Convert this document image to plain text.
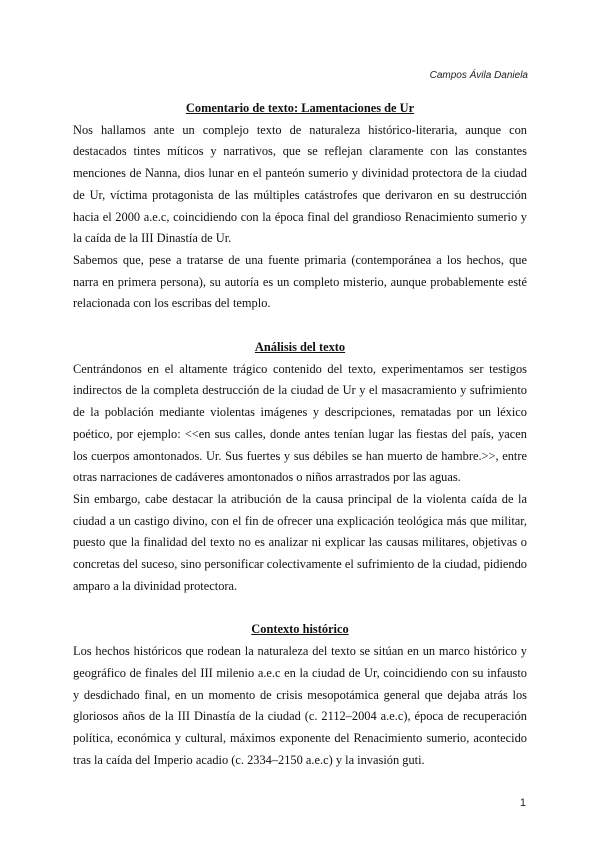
Campos Ávila Daniela
Comentario de texto: Lamentaciones de Ur

Nos hallamos ante un complejo texto de naturaleza histórico-literaria, aunque con destacados tintes míticos y narrativos, que se reflejan claramente con las constantes menciones de Nanna, dios lunar en el panteón sumerio y divinidad protectora de la ciudad de Ur, víctima protagonista de las múltiples catástrofes que derivaron en su destrucción hacia el 2000 a.e.c, coincidiendo con la época final del grandioso Renacimiento sumerio y la caída de la III Dinastía de Ur.

Sabemos que, pese a tratarse de una fuente primaria (contemporánea a los hechos, que narra en primera persona), su autoría es un completo misterio, aunque probablemente esté relacionada con los escribas del templo.

Análisis del texto

Centrándonos en el altamente trágico contenido del texto, experimentamos ser testigos indirectos de la completa destrucción de la ciudad de Ur y el masacramiento y sufrimiento de la población mediante violentas imágenes y descripciones, rematadas por un léxico poético, por ejemplo: <<en sus calles, donde antes tenían lugar las fiestas del país, yacen los cuerpos amontonados. Ur. Sus fuertes y sus débiles se han muerto de hambre.>>, entre otras narraciones de cadáveres amontonados o niños arrastrados por las aguas.

Sin embargo, cabe destacar la atribución de la causa principal de la violenta caída de la ciudad a un castigo divino, con el fin de ofrecer una explicación teológica más que militar, puesto que la finalidad del texto no es analizar ni explicar las causas militares, objetivas o concretas del suceso, sino personificar colectivamente el sufrimiento de la ciudad, pidiendo amparo a la divinidad protectora.

Contexto histórico

Los hechos históricos que rodean la naturaleza del texto se sitúan en un marco histórico y geográfico de finales del III milenio a.e.c en la ciudad de Ur, coincidiendo con su infausto y desdichado final, en un momento de crisis mesopotámica general que dejaba atrás los gloriosos años de la III Dinastía de la ciudad (c. 2112–2004 a.e.c), época de recuperación política, económica y cultural, máximos exponente del Renacimiento sumerio, acontecido tras la caída del Imperio acadio (c. 2334–2150 a.e.c) y la invasión guti.

1
